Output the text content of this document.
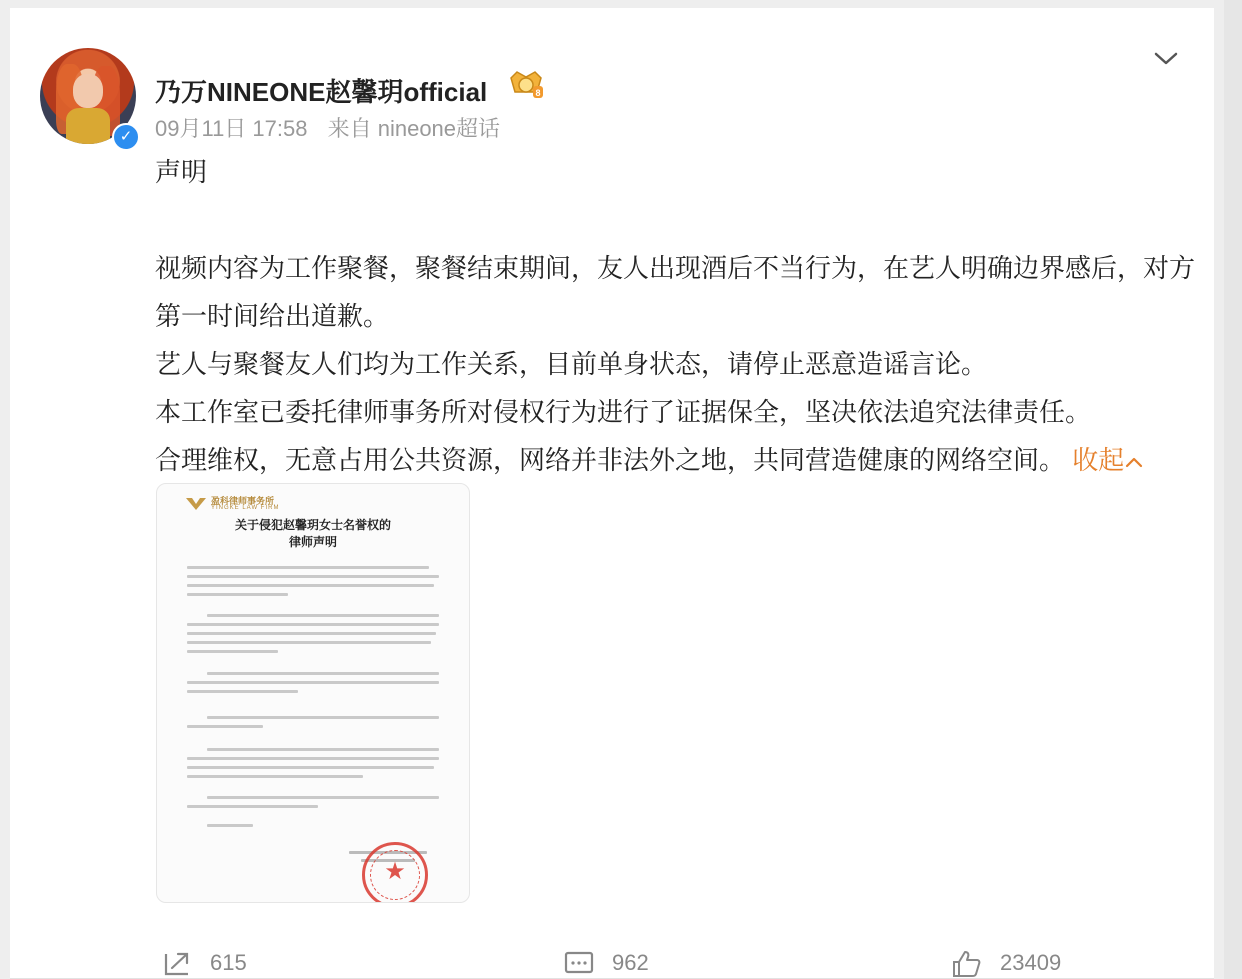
✓
乃万NINEONE赵馨玥official	8
09月11日 17:58 来自 nineone超话

声明

视频内容为工作聚餐，聚餐结束期间，友人出现酒后不当行为，在艺人明确边界感后，对方第一时间给出道歉。

艺人与聚餐友人们均为工作关系，目前单身状态，请停止恶意造谣言论。

本工作室已委托律师事务所对侵权行为进行了证据保全，坚决依法追究法律责任。

合理维权，无意占用公共资源，网络并非法外之地，共同营造健康的网络空间。 收起

盈科律师事务所
YINGKE LAW FIRM
关于侵犯赵馨玥女士名誉权的
律师声明
★
615	962	23409
